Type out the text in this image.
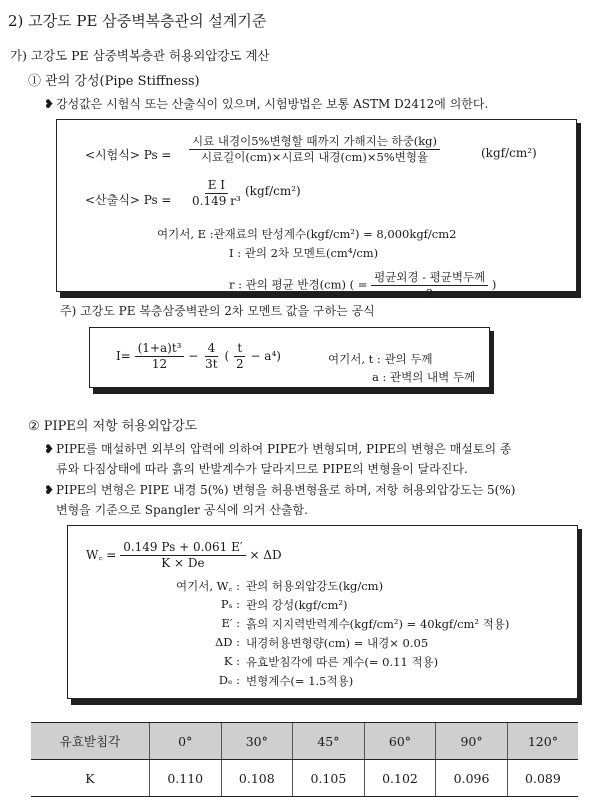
2) 고강도 PE 삼중벽복층관의 설계기준
가) 고강도 PE 삼중벽복층관 허용외압강도 계산
① 관의 강성(Pipe Stiffness)
❥ 강성값은 시험식 또는 산출식이 있으며, 시험방법은 보통 ASTM D2412에 의한다.
<시험식> $Ps = \frac{\text{시료 내경이5\%변형할 때까지 가해지는 하중(kg)}}{\text{시료길이(cm)×시료의 내경(cm)×5\%변형율}}$	(kgf/cm²)
<산출식> $Ps = \frac{\text{E I}}{\text{0.149 r³}} (kgf/cm^2)$
여기서, E :관재료의 탄성계수(kgf/cm²) = 8,000kgf/cm2
I : 관의 2차 모멘트(cm⁴/cm)
r : 관의 평균 반경(cm) ( = $\frac{\text{평균외경 - 평균벽두께}}{2}$ )
주) 고강도 PE 복층삼중벽관의 2차 모멘트 값을 구하는 공식
$I= \frac{\text{(1+a)t³}}{12} - \frac{4}{3t}$ ( $\frac{t}{2} - a^4$)	여기서, t : 관의 두께
a : 관벽의 내벽 두께
② PIPE의 저항 허용외압강도
❥ PIPE를 매설하면 외부의 압력에 의하여 PIPE가 변형되며, PIPE의 변형은 매설토의 종
류와 다짐상태에 따라 흙의 반발계수가 달라지므로 PIPE의 변형율이 달라진다.
❥ PIPE의 변형은 PIPE 내경 5(%) 변형을 허용변형율로 하며, 저항 허용외압강도는 5(%)
변형을 기준으로 Spangler 공식에 의거 산출함.
W꜀ = $\frac{0.149 Ps + 0.061 E'}{K \times De} \times \Delta D$
여기서, W꜀ : 관의 허용외압강도(kg/cm)
Pₛ : 관의 강성(kgf/cm²)
E′ : 흙의 지지력반력계수(kgf/cm²) = 40kgf/cm² 적용)
ΔD : 내경허용변형량(cm) = 내경× 0.05
K : 유효받침각에 따른 계수(= 0.11 적용)
Dₑ : 변형계수(= 1.5적용)
유효받침각	0°	30°	45°	60°	90°	120°
K	0.110	0.108	0.105	0.102	0.096	0.089
